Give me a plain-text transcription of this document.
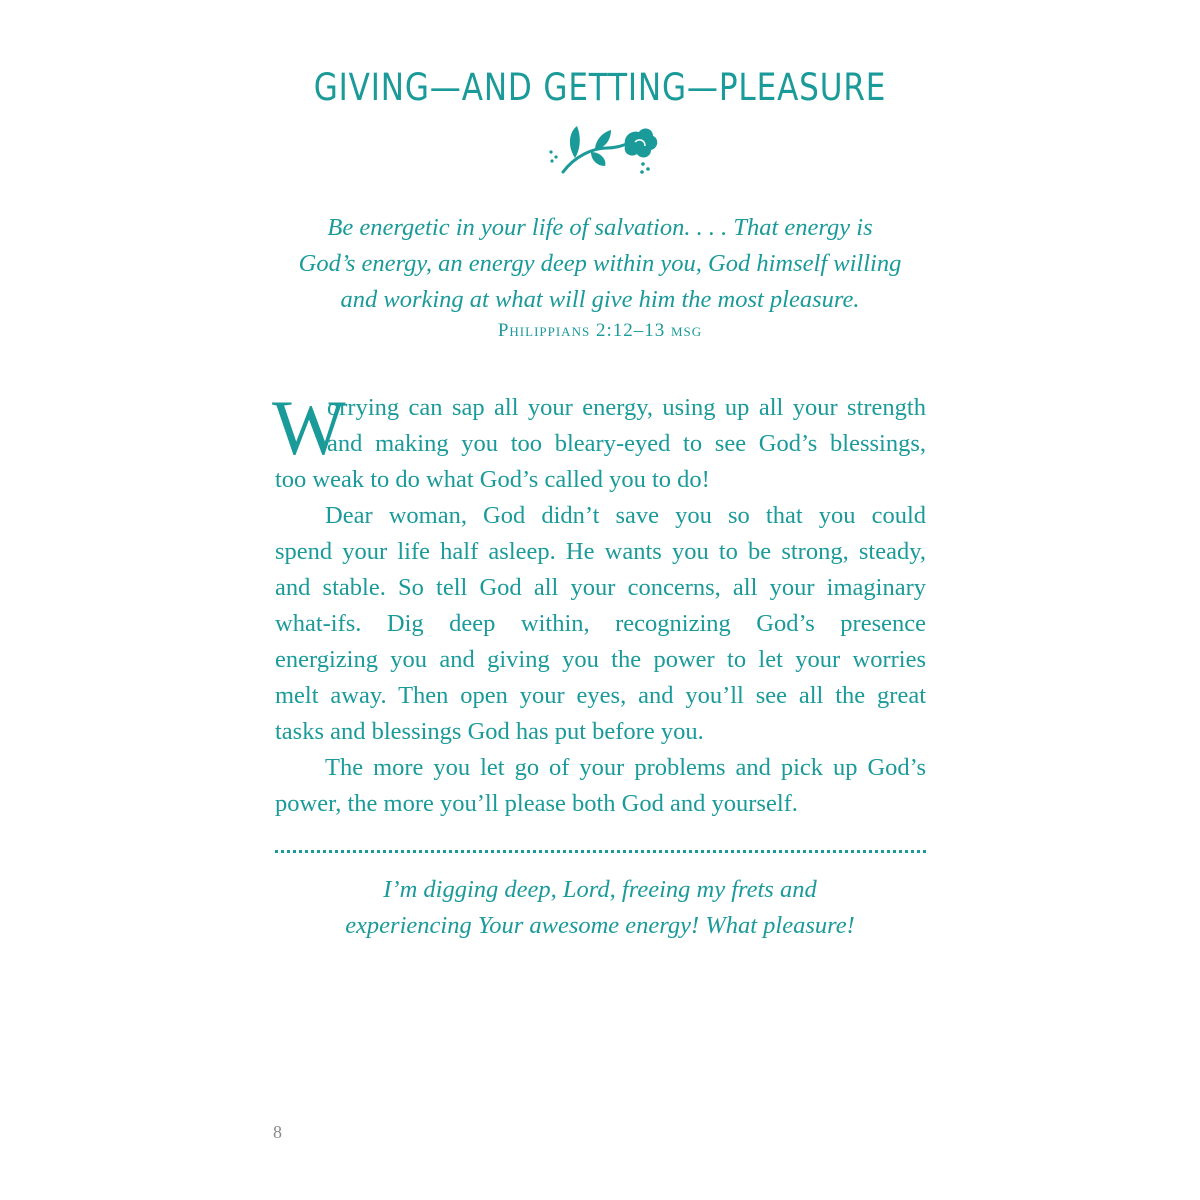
GIVING—AND GETTING—PLEASURE
Be energetic in your life of salvation. . . . That energy is
God’s energy, an energy deep within you, God himself willing
and working at what will give him the most pleasure.
Philippians 2:12–13 msg
W
orrying can sap all your energy, using up all your strength
and making you too bleary-eyed to see God’s blessings,
too weak to do what God’s called you to do!
Dear woman, God didn’t save you so that you could
spend your life half asleep. He wants you to be strong, steady,
and stable. So tell God all your concerns, all your imaginary
what-ifs. Dig deep within, recognizing God’s presence
energizing you and giving you the power to let your worries
melt away. Then open your eyes, and you’ll see all the great
tasks and blessings God has put before you.
The more you let go of your problems and pick up God’s
power, the more you’ll please both God and yourself.
I’m digging deep, Lord, freeing my frets and
experiencing Your awesome energy! What pleasure!
8
